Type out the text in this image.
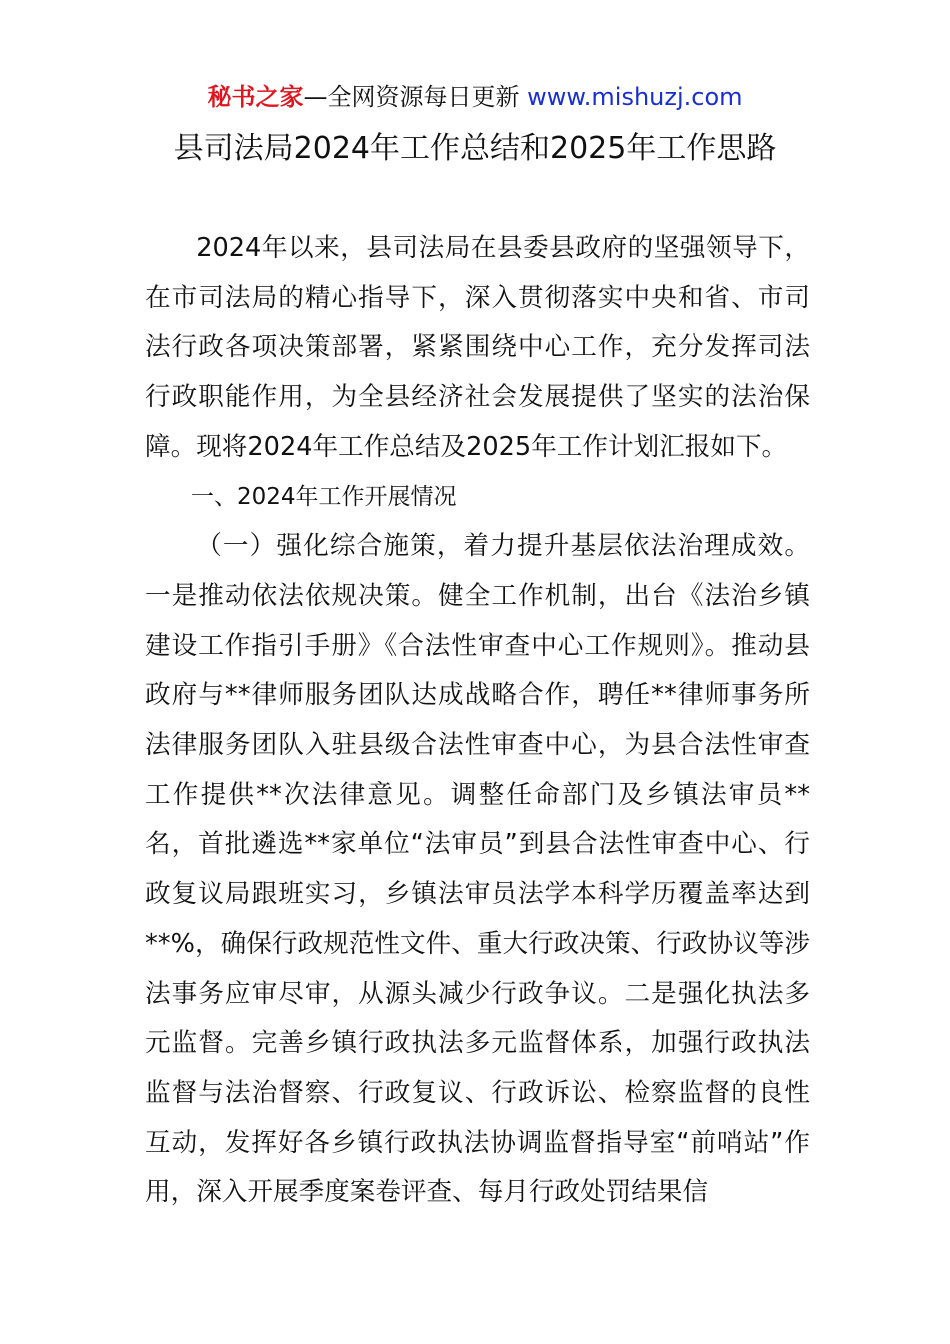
秘书之家—全网资源每日更新 www.mishuzj.com
县司法局2024年工作总结和2025年工作思路

2024年以来，县司法局在县委县政府的坚强领导下，在市司法局的精心指导下，深入贯彻落实中央和省、市司法行政各项决策部署，紧紧围绕中心工作，充分发挥司法行政职能作用，为全县经济社会发展提供了坚实的法治保障。现将2024年工作总结及2025年工作计划汇报如下。

一、2024年工作开展情况

（一）强化综合施策，着力提升基层依法治理成效。一是推动依法依规决策。健全工作机制，出台《法治乡镇建设工作指引手册》《合法性审查中心工作规则》。推动县政府与**律师服务团队达成战略合作，聘任**律师事务所法律服务团队入驻县级合法性审查中心，为县合法性审查工作提供**次法律意见。调整任命部门及乡镇法审员**名，首批遴选**家单位“法审员”到县合法性审查中心、行政复议局跟班实习，乡镇法审员法学本科学历覆盖率达到**%，确保行政规范性文件、重大行政决策、行政协议等涉法事务应审尽审，从源头减少行政争议。二是强化执法多元监督。完善乡镇行政执法多元监督体系，加强行政执法监督与法治督察、行政复议、行政诉讼、检察监督的良性互动，发挥好各乡镇行政执法协调监督指导室“前哨站”作用，深入开展季度案卷评查、每月行政处罚结果信
